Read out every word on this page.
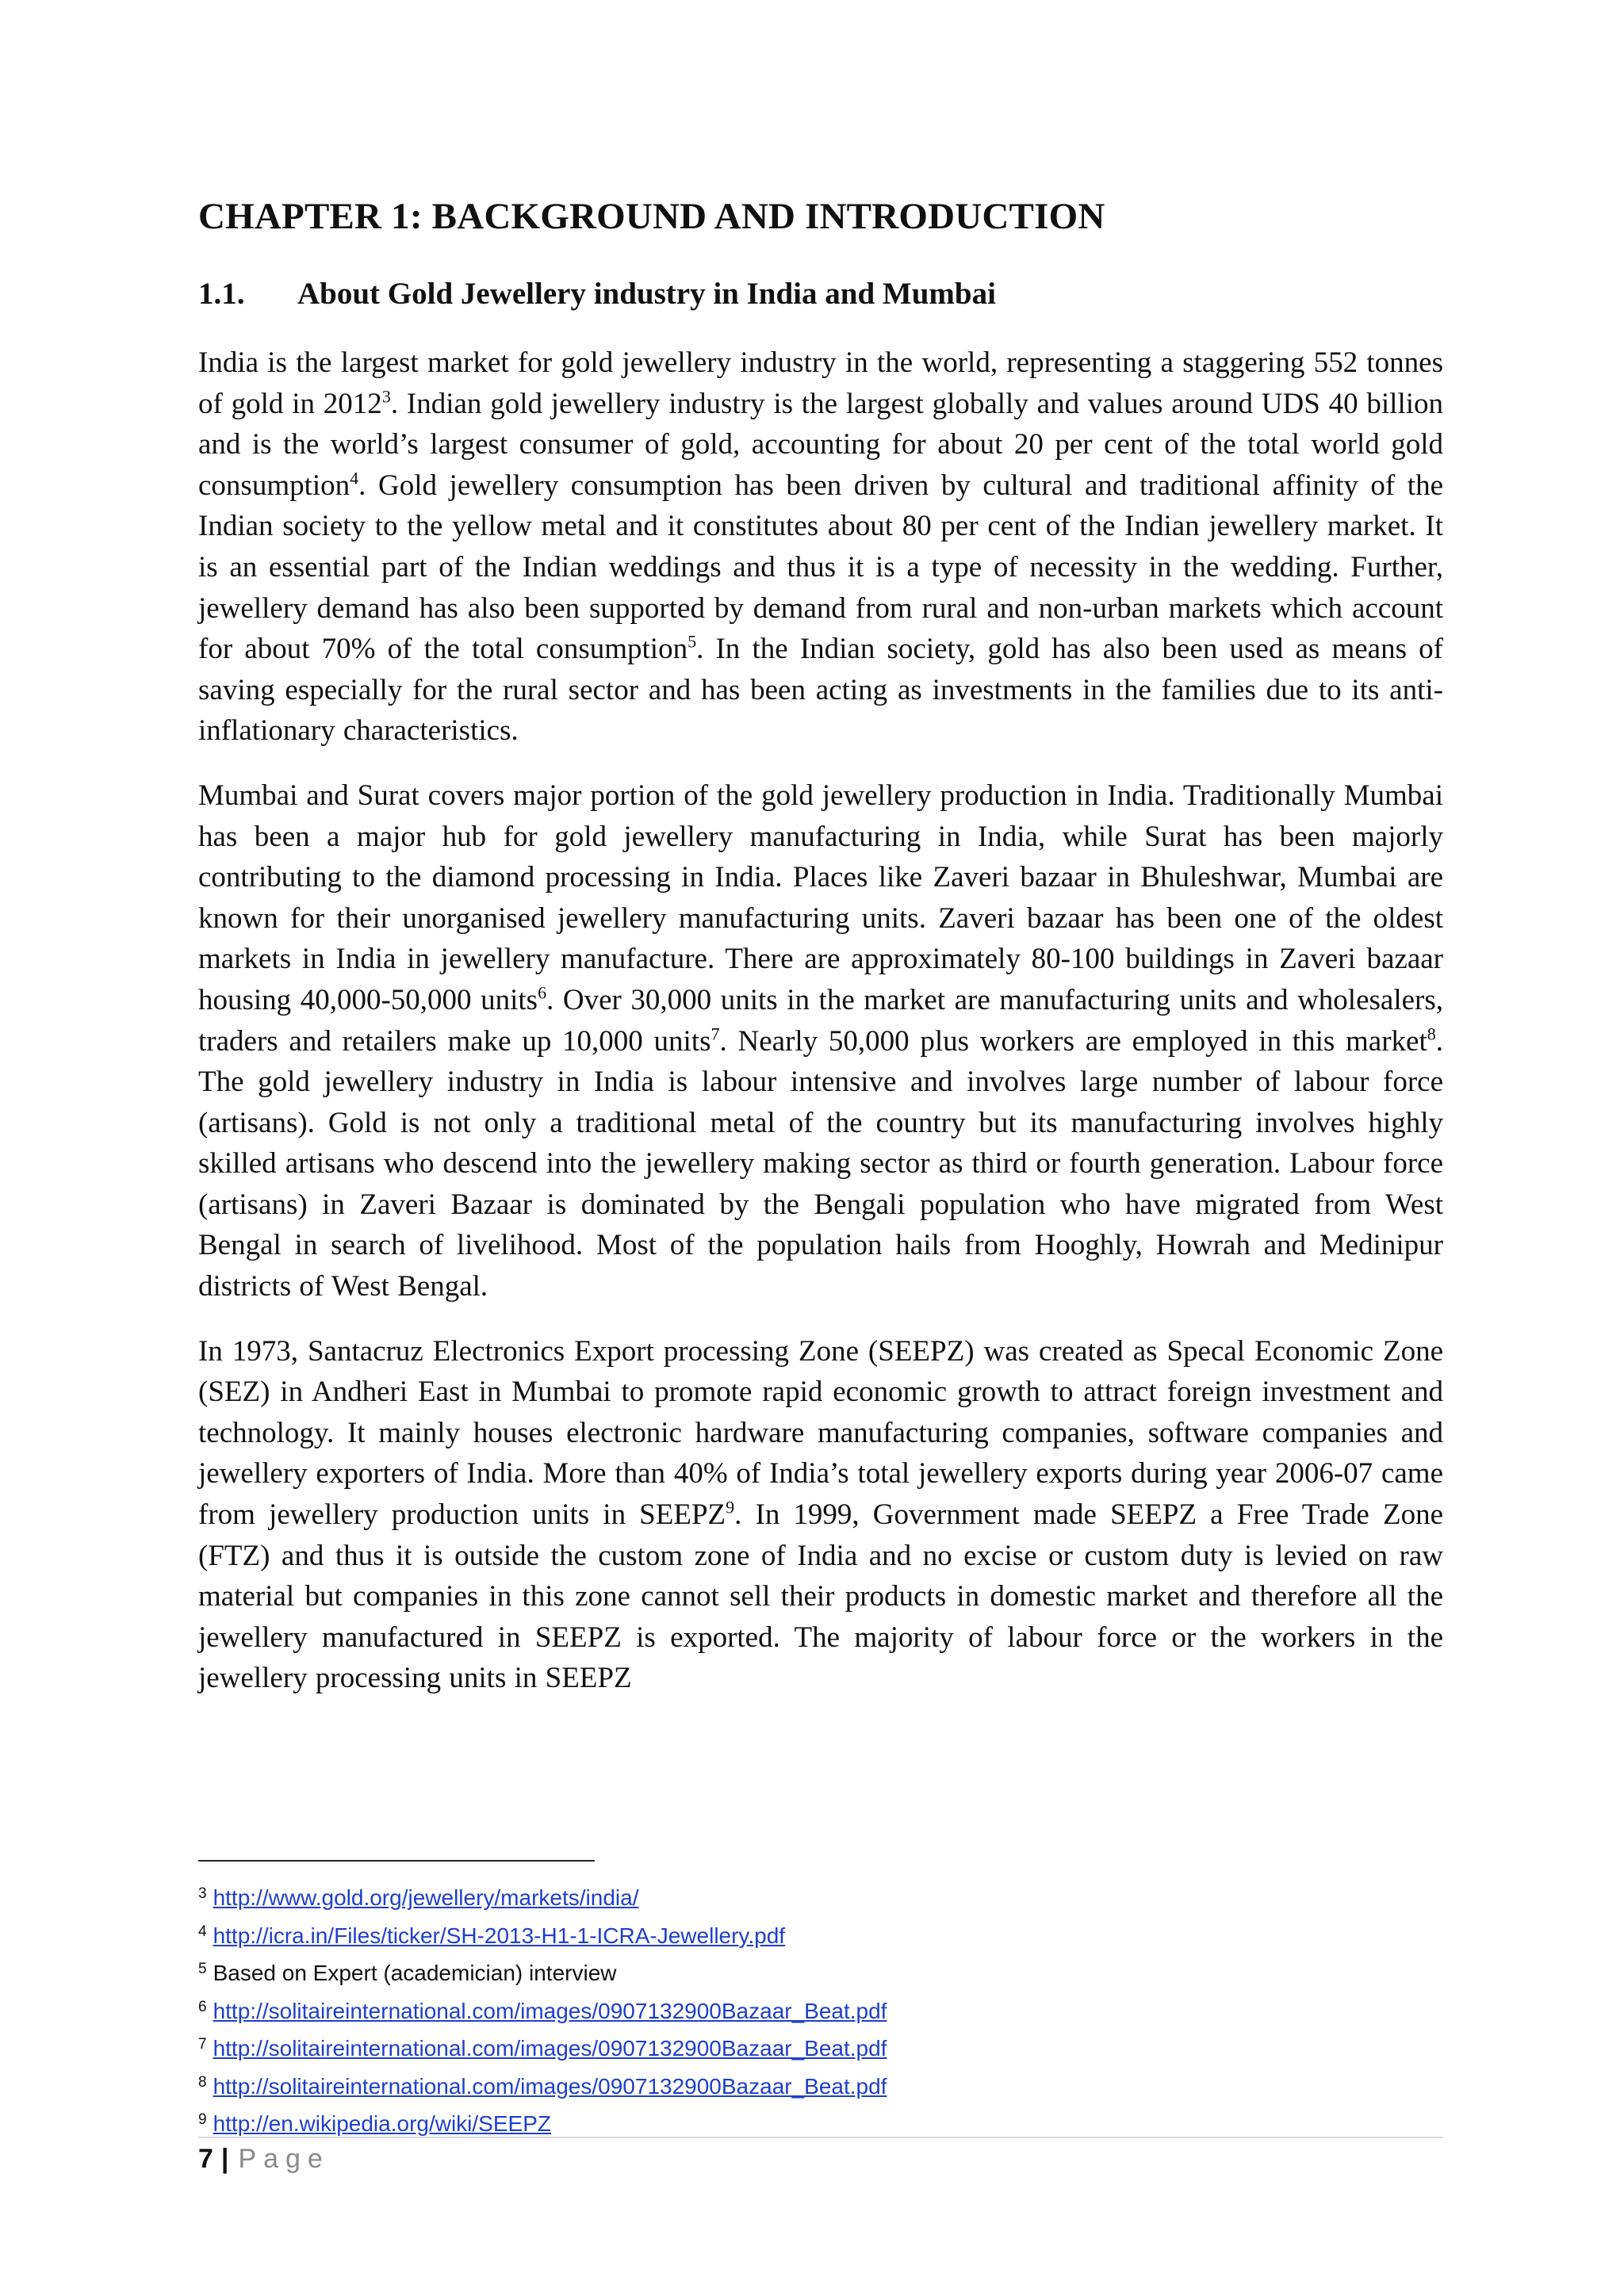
CHAPTER 1: BACKGROUND AND INTRODUCTION
1.1. About Gold Jewellery industry in India and Mumbai

India is the largest market for gold jewellery industry in the world, representing a staggering 552 tonnes of gold in 2012$^3$. Indian gold jewellery industry is the largest globally and values around UDS 40 billion and is the world’s largest consumer of gold, accounting for about 20 per cent of the total world gold consumption$^4$. Gold jewellery consumption has been driven by cultural and traditional affinity of the Indian society to the yellow metal and it constitutes about 80 per cent of the Indian jewellery market. It is an essential part of the Indian weddings and thus it is a type of necessity in the wedding. Further, jewellery demand has also been supported by demand from rural and non-urban markets which account for about 70% of the total consumption$^5$. In the Indian society, gold has also been used as means of saving especially for the rural sector and has been acting as investments in the families due to its anti-inflationary characteristics.

Mumbai and Surat covers major portion of the gold jewellery production in India. Traditionally Mumbai has been a major hub for gold jewellery manufacturing in India, while Surat has been majorly contributing to the diamond processing in India. Places like Zaveri bazaar in Bhuleshwar, Mumbai are known for their unorganised jewellery manufacturing units. Zaveri bazaar has been one of the oldest markets in India in jewellery manufacture. There are approximately 80-100 buildings in Zaveri bazaar housing 40,000-50,000 units$^6$. Over 30,000 units in the market are manufacturing units and wholesalers, traders and retailers make up 10,000 units$^7$. Nearly 50,000 plus workers are employed in this market$^8$. The gold jewellery industry in India is labour intensive and involves large number of labour force (artisans). Gold is not only a traditional metal of the country but its manufacturing involves highly skilled artisans who descend into the jewellery making sector as third or fourth generation. Labour force (artisans) in Zaveri Bazaar is dominated by the Bengali population who have migrated from West Bengal in search of livelihood. Most of the population hails from Hooghly, Howrah and Medinipur districts of West Bengal.

In 1973, Santacruz Electronics Export processing Zone (SEEPZ) was created as Specal Economic Zone (SEZ) in Andheri East in Mumbai to promote rapid economic growth to attract foreign investment and technology. It mainly houses electronic hardware manufacturing companies, software companies and jewellery exporters of India. More than 40% of India’s total jewellery exports during year 2006-07 came from jewellery production units in SEEPZ$^9$. In 1999, Government made SEEPZ a Free Trade Zone (FTZ) and thus it is outside the custom zone of India and no excise or custom duty is levied on raw material but companies in this zone cannot sell their products in domestic market and therefore all the jewellery manufactured in SEEPZ is exported. The majority of labour force or the workers in the jewellery processing units in SEEPZ

$^3$ http://www.gold.org/jewellery/markets/india/
$^4$ http://icra.in/Files/ticker/SH-2013-H1-1-ICRA-Jewellery.pdf
$^5$ Based on Expert (academician) interview
$^6$ http://solitaireinternational.com/images/0907132900Bazaar_Beat.pdf
$^7$ http://solitaireinternational.com/images/0907132900Bazaar_Beat.pdf
$^8$ http://solitaireinternational.com/images/0907132900Bazaar_Beat.pdf
$^9$ http://en.wikipedia.org/wiki/SEEPZ
7 | Page
